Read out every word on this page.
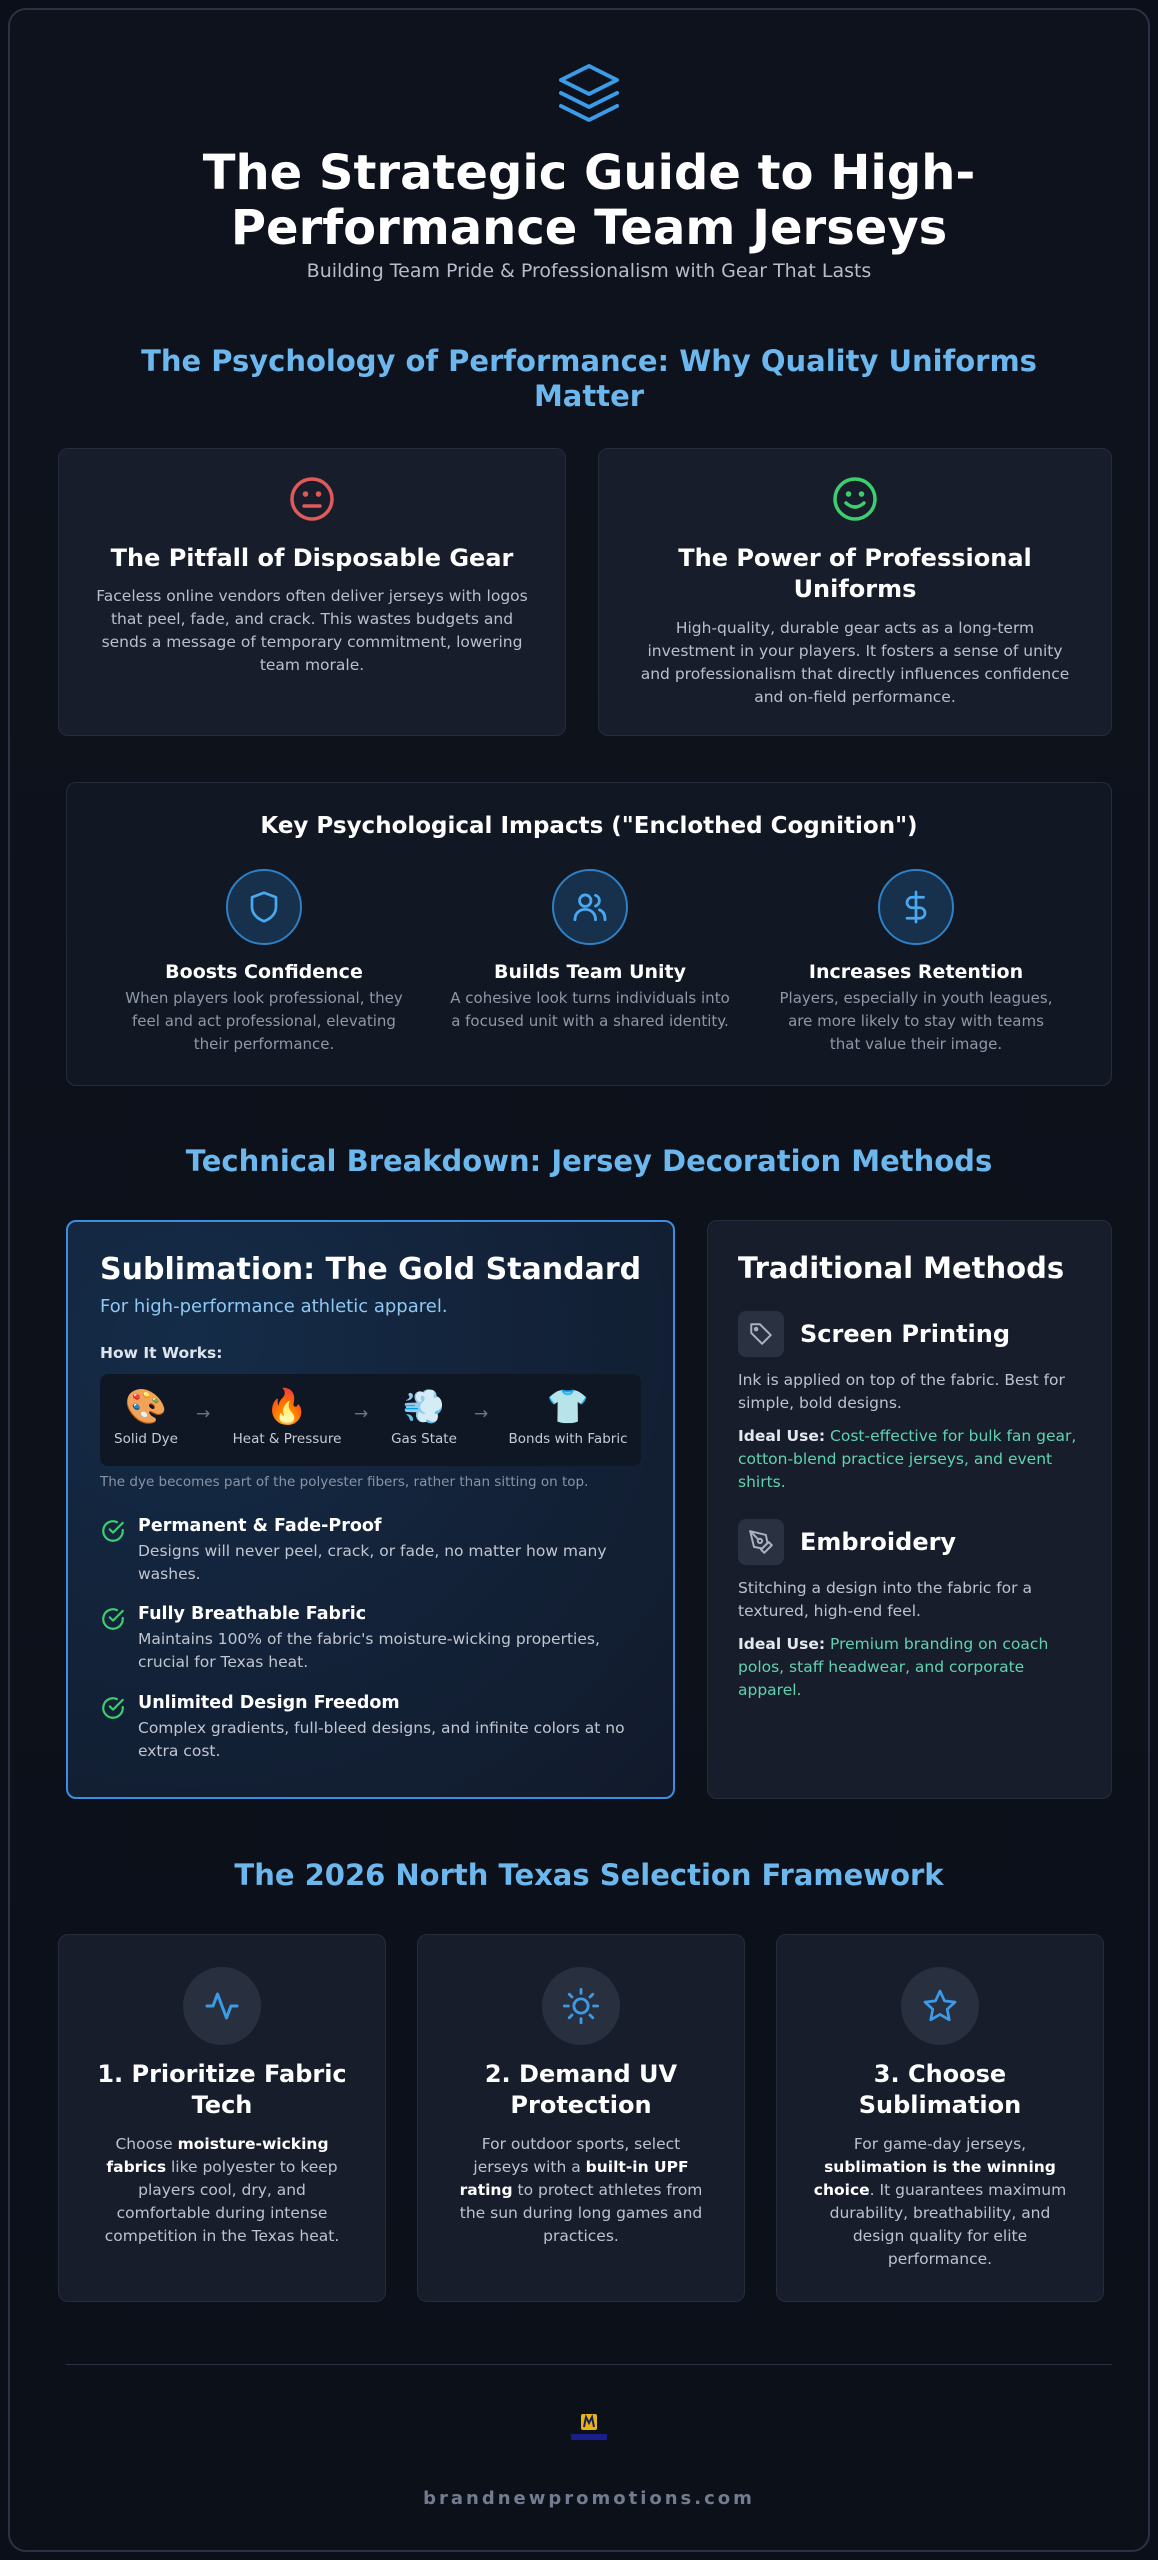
The Strategic Guide to High-Performance Team Jerseys
Building Team Pride & Professionalism with Gear That Lasts
The Psychology of Performance: Why Quality Uniforms Matter
The Pitfall of Disposable Gear
Faceless online vendors often deliver jerseys with logos that peel, fade, and crack. This wastes budgets and sends a message of temporary commitment, lowering team morale.
The Power of Professional Uniforms
High-quality, durable gear acts as a long-term investment in your players. It fosters a sense of unity and professionalism that directly influences confidence and on-field performance.
Key Psychological Impacts ("Enclothed Cognition")
Boosts Confidence
When players look professional, they feel and act professional, elevating their performance.
Builds Team Unity
A cohesive look turns individuals into a focused unit with a shared identity.
Increases Retention
Players, especially in youth leagues, are more likely to stay with teams that value their image.
Technical Breakdown: Jersey Decoration Methods
Sublimation: The Gold Standard
For high-performance athletic apparel.
How It Works:
🎨
Solid Dye
→	🔥
Heat & Pressure
→	💨
Gas State
→	👕
Bonds with Fabric
The dye becomes part of the polyester fibers, rather than sitting on top.
Permanent & Fade-Proof
Designs will never peel, crack, or fade, no matter how many washes.
Fully Breathable Fabric
Maintains 100% of the fabric's moisture-wicking properties, crucial for Texas heat.
Unlimited Design Freedom
Complex gradients, full-bleed designs, and infinite colors at no extra cost.
Traditional Methods
Screen Printing
Ink is applied on top of the fabric. Best for simple, bold designs.
Ideal Use: Cost-effective for bulk fan gear, cotton-blend practice jerseys, and event shirts.
Embroidery
Stitching a design into the fabric for a textured, high-end feel.
Ideal Use: Premium branding on coach polos, staff headwear, and corporate apparel.
The 2026 North Texas Selection Framework
1. Prioritize Fabric Tech
Choose moisture-wicking fabrics like polyester to keep players cool, dry, and comfortable during intense competition in the Texas heat.
2. Demand UV Protection
For outdoor sports, select jerseys with a built-in UPF rating to protect athletes from the sun during long games and practices.
3. Choose Sublimation
For game-day jerseys, sublimation is the winning choice. It guarantees maximum durability, breathability, and design quality for elite performance.
brandnewpromotions.com
